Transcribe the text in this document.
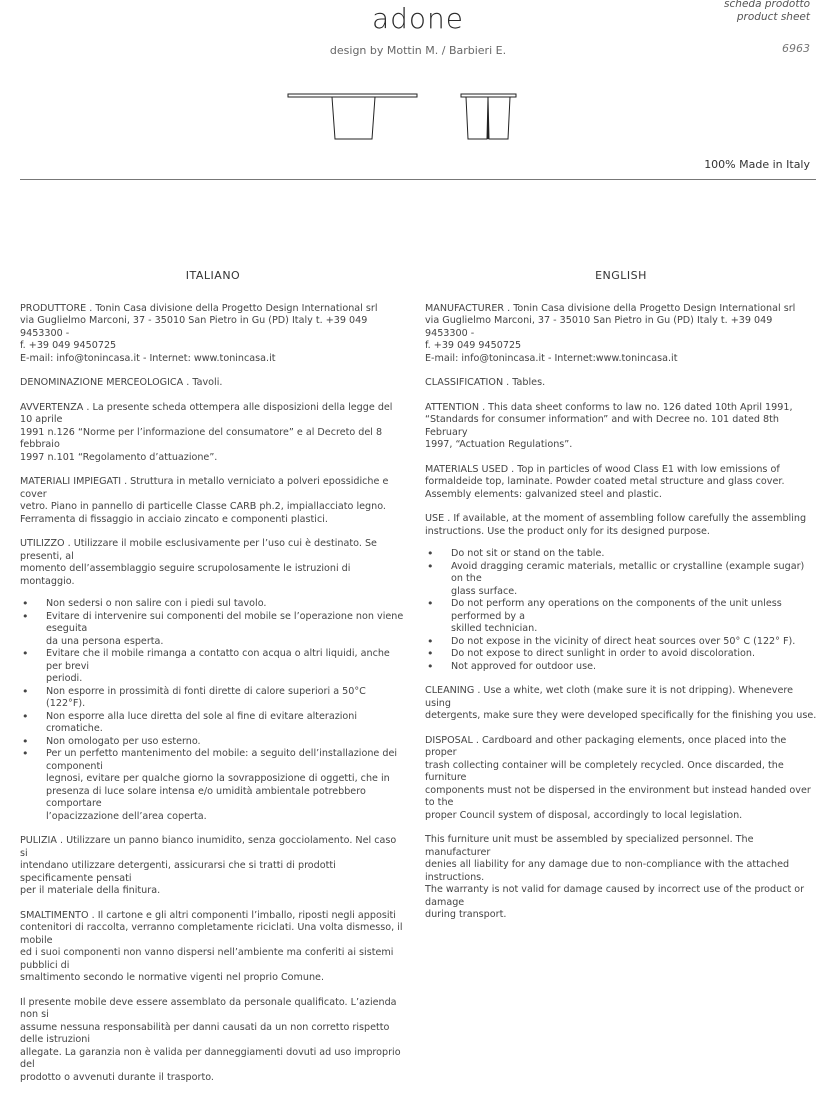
adone
design by Mottin M. / Barbieri E.
scheda prodotto
product sheet
6963
100% Made in Italy
ITALIANO
PRODUTTORE . Tonin Casa divisione della Progetto Design International srl
via Guglielmo Marconi, 37 - 35010 San Pietro in Gu (PD) Italy t. +39 049 9453300 -
f. +39 049 9450725
E-mail: info@tonincasa.it - Internet: www.tonincasa.it
DENOMINAZIONE MERCEOLOGICA . Tavoli.
AVVERTENZA . La presente scheda ottempera alle disposizioni della legge del 10 aprile
1991 n.126 “Norme per l’informazione del consumatore” e al Decreto del 8 febbraio
1997 n.101 “Regolamento d’attuazione”.
MATERIALI IMPIEGATI . Struttura in metallo verniciato a polveri epossidiche e cover
vetro. Piano in pannello di particelle Classe CARB ph.2, impiallacciato legno.
Ferramenta di fissaggio in acciaio zincato e componenti plastici.
UTILIZZO . Utilizzare il mobile esclusivamente per l’uso cui è destinato. Se presenti, al
momento dell’assemblaggio seguire scrupolosamente le istruzioni di montaggio.
• Non sedersi o non salire con i piedi sul tavolo.
• Evitare di intervenire sui componenti del mobile se l’operazione non viene eseguita
da una persona esperta.
• Evitare che il mobile rimanga a contatto con acqua o altri liquidi, anche per brevi
periodi.
• Non esporre in prossimità di fonti dirette di calore superiori a 50°C (122°F).
• Non esporre alla luce diretta del sole al fine di evitare alterazioni cromatiche.
• Non omologato per uso esterno.
• Per un perfetto mantenimento del mobile: a seguito dell’installazione dei componenti
legnosi, evitare per qualche giorno la sovrapposizione di oggetti, che in
presenza di luce solare intensa e/o umidità ambientale potrebbero comportare
l’opacizzazione dell’area coperta.
PULIZIA . Utilizzare un panno bianco inumidito, senza gocciolamento. Nel caso si
intendano utilizzare detergenti, assicurarsi che si tratti di prodotti specificamente pensati
per il materiale della finitura.
SMALTIMENTO . Il cartone e gli altri componenti l’imballo, riposti negli appositi
contenitori di raccolta, verranno completamente riciclati. Una volta dismesso, il mobile
ed i suoi componenti non vanno dispersi nell’ambiente ma conferiti ai sistemi pubblici di
smaltimento secondo le normative vigenti nel proprio Comune.
Il presente mobile deve essere assemblato da personale qualificato. L’azienda non si
assume nessuna responsabilità per danni causati da un non corretto rispetto delle istruzioni
allegate. La garanzia non è valida per danneggiamenti dovuti ad uso improprio del
prodotto o avvenuti durante il trasporto.
ENGLISH
MANUFACTURER . Tonin Casa divisione della Progetto Design International srl
via Guglielmo Marconi, 37 - 35010 San Pietro in Gu (PD) Italy t. +39 049 9453300 -
f. +39 049 9450725
E-mail: info@tonincasa.it - Internet:www.tonincasa.it
CLASSIFICATION . Tables.
ATTENTION . This data sheet conforms to law no. 126 dated 10th April 1991,
“Standards for consumer information” and with Decree no. 101 dated 8th February
1997, “Actuation Regulations”.
MATERIALS USED . Top in particles of wood Class E1 with low emissions of
formaldeide top, laminate. Powder coated metal structure and glass cover.
Assembly elements: galvanized steel and plastic.
USE . If available, at the moment of assembling follow carefully the assembling
instructions. Use the product only for its designed purpose.
• Do not sit or stand on the table.
• Avoid dragging ceramic materials, metallic or crystalline (example sugar) on the
glass surface.
• Do not perform any operations on the components of the unit unless performed by a
skilled technician.
• Do not expose in the vicinity of direct heat sources over 50° C (122° F).
• Do not expose to direct sunlight in order to avoid discoloration.
• Not approved for outdoor use.
CLEANING . Use a white, wet cloth (make sure it is not dripping). Whenevere using
detergents, make sure they were developed specifically for the finishing you use.
DISPOSAL . Cardboard and other packaging elements, once placed into the proper
trash collecting container will be completely recycled. Once discarded, the furniture
components must not be dispersed in the environment but instead handed over to the
proper Council system of disposal, accordingly to local legislation.
This furniture unit must be assembled by specialized personnel. The manufacturer
denies all liability for any damage due to non-compliance with the attached instructions.
The warranty is not valid for damage caused by incorrect use of the product or damage
during transport.
